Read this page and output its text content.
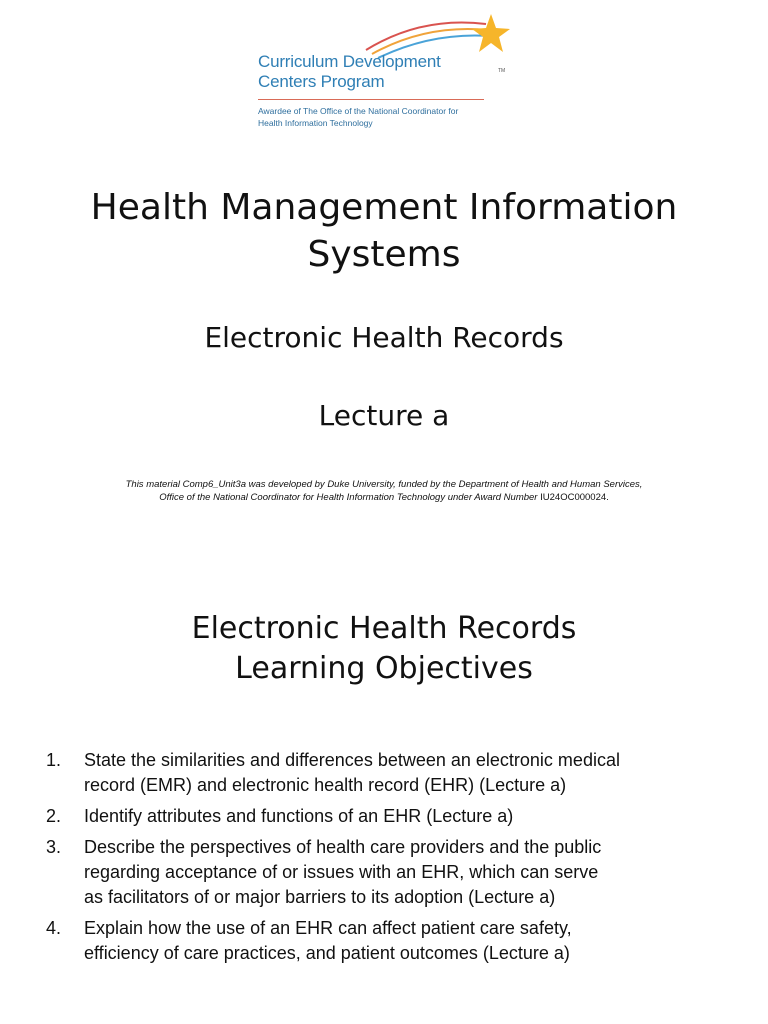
Curriculum Development
Centers Program
TM
Awardee of The Office of the National Coordinator for
Health Information Technology
Health Management Information
Systems
Electronic Health Records
Lecture a
This material Comp6_Unit3a was developed by Duke University, funded by the Department of Health and Human Services,
Office of the National Coordinator for Health Information Technology under Award Number IU24OC000024.
Electronic Health Records
Learning Objectives
1. State the similarities and differences between an electronic medical
record (EMR) and electronic health record (EHR) (Lecture a)
2. Identify attributes and functions of an EHR (Lecture a)
3. Describe the perspectives of health care providers and the public
regarding acceptance of or issues with an EHR, which can serve
as facilitators of or major barriers to its adoption (Lecture a)
4. Explain how the use of an EHR can affect patient care safety,
efficiency of care practices, and patient outcomes (Lecture a)
